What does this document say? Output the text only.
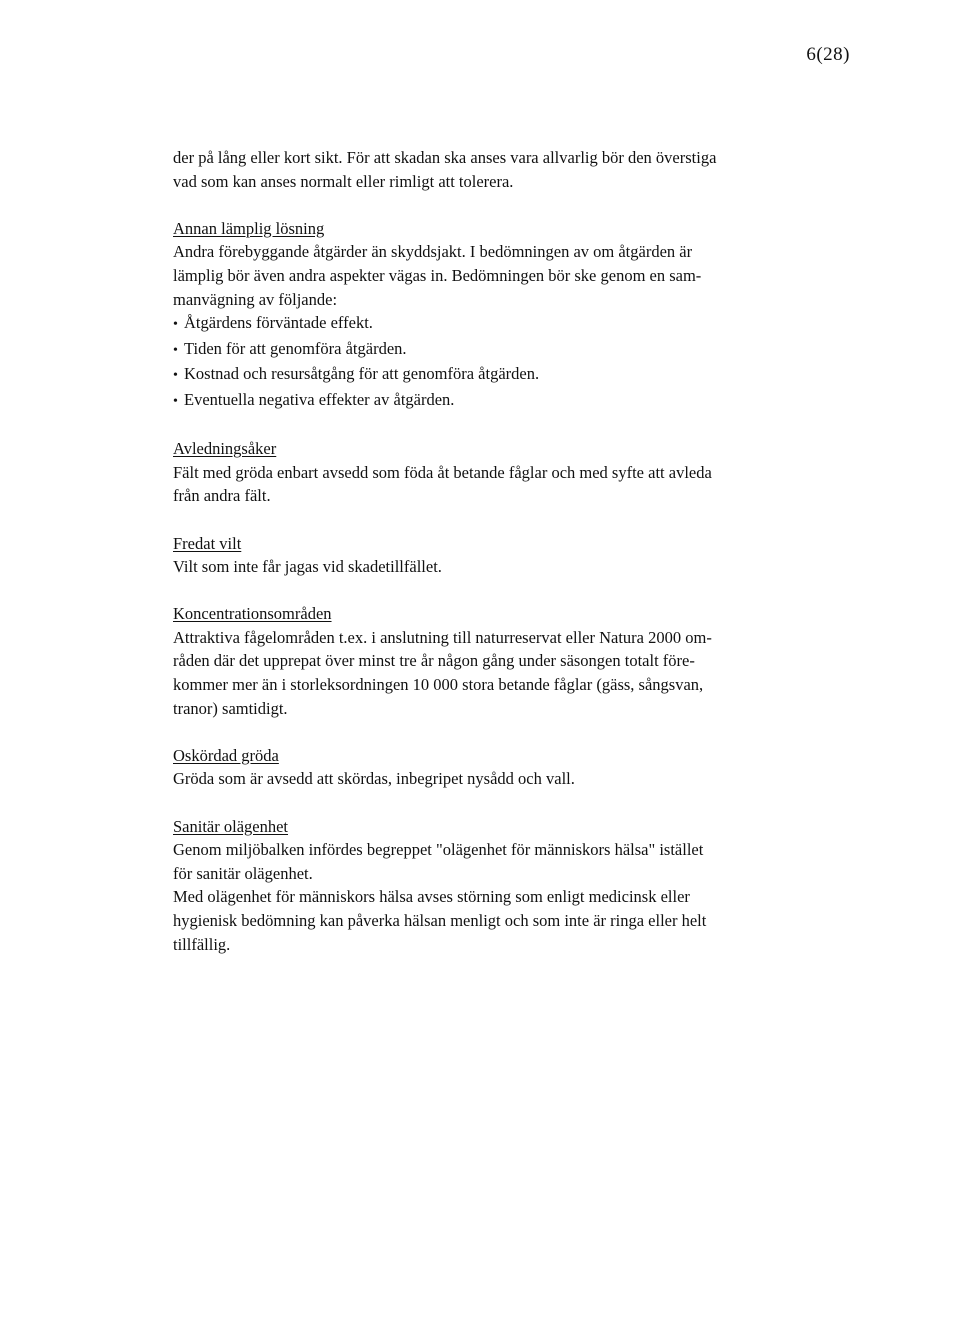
6(28)
der på lång eller kort sikt. För att skadan ska anses vara allvarlig bör den överstiga
vad som kan anses normalt eller rimligt att tolerera.
Annan lämplig lösning
Andra förebyggande åtgärder än skyddsjakt. I bedömningen av om åtgärden är
lämplig bör även andra aspekter vägas in. Bedömningen bör ske genom en sam-
manvägning av följande:
• Åtgärdens förväntade effekt.
• Tiden för att genomföra åtgärden.
• Kostnad och resursåtgång för att genomföra åtgärden.
• Eventuella negativa effekter av åtgärden.
Avledningsåker
Fält med gröda enbart avsedd som föda åt betande fåglar och med syfte att avleda
från andra fält.
Fredat vilt
Vilt som inte får jagas vid skadetillfället.
Koncentrationsområden
Attraktiva fågelområden t.ex. i anslutning till naturreservat eller Natura 2000 om-
råden där det upprepat över minst tre år någon gång under säsongen totalt före-
kommer mer än i storleksordningen 10 000 stora betande fåglar (gäss, sångsvan,
tranor) samtidigt.
Oskördad gröda
Gröda som är avsedd att skördas, inbegripet nysådd och vall.
Sanitär olägenhet
Genom miljöbalken infördes begreppet "olägenhet för människors hälsa" istället
för sanitär olägenhet.
Med olägenhet för människors hälsa avses störning som enligt medicinsk eller
hygienisk bedömning kan påverka hälsan menligt och som inte är ringa eller helt
tillfällig.
